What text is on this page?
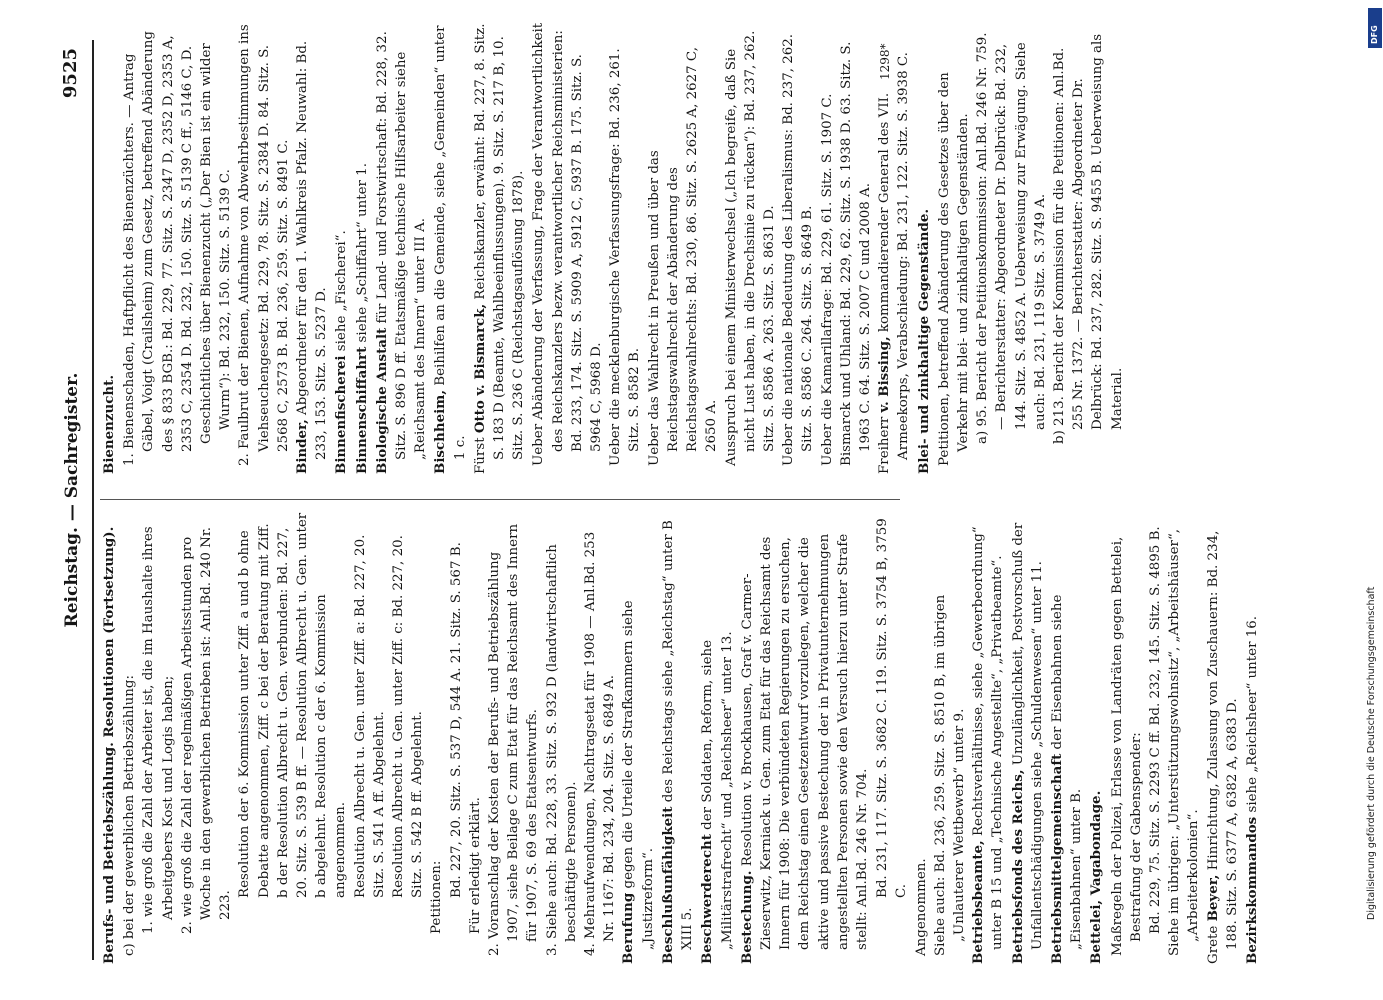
Reichstag. — Sachregister.
9525

Berufs- und Betriebszählung. Resolutionen (Fortsetzung). c) bei der gewerblichen Betriebszählung: 1. wie groß die Zahl der Arbeiter ist, die im Haushalte ihres Arbeitgebers Kost und Logis haben; 2. wie groß die Zahl der regelmäßigen Arbeitsstunden pro Woche in den gewerblichen Betrieben ist: Anl.Bd. 240 Nr. 223.

Resolution der 6. Kommission unter Ziff. a und b ohne Debatte angenommen, Ziff. c bei der Beratung mit Ziff. b der Resolution Albrecht u. Gen. verbunden: Bd. 227, 20. Sitz. S. 539 B ff. — Resolution Albrecht u. Gen. unter b abgelehnt. Resolution c der 6. Kommission angenommen. Resolution Albrecht u. Gen. unter Ziff. a: Bd. 227, 20. Sitz. S. 541 A ff. Abgelehnt. Resolution Albrecht u. Gen. unter Ziff. c: Bd. 227, 20. Sitz. S. 542 B ff. Abgelehnt. Petitionen: Bd. 227, 20. Sitz. S. 537 D, 544 A. 21. Sitz. S. 567 B. Für erledigt erklärt. 2. Voranschlag der Kosten der Berufs- und Betriebszählung 1907, siehe Beilage C zum Etat für das Reichsamt des Innern für 1907, S. 69 des Etatsentwurfs. 3. Siehe auch: Bd. 228, 33. Sitz. S. 932 D (landwirtschaftlich beschäftigte Personen). 4. Mehraufwendungen, Nachtragsetat für 1908 — Anl.Bd. 253 Nr. 1167: Bd. 234, 204. Sitz. S. 6849 A. Berufung gegen die Urteile der Strafkammern siehe „Justizreform“. Beschlußunfähigkeit des Reichstags siehe „Reichstag“ unter B XIII 5. Beschwerderecht der Soldaten, Reform, siehe „Militärstrafrecht“ und „Reichsheer“ unter 13. Bestechung. Resolution v. Brockhausen, Graf v. Carmer-Zieserwitz, Kerniack u. Gen. zum Etat für das Reichsamt des Innern für 1908: Die verbündeten Regierungen zu ersuchen, dem Reichstag einen Gesetzentwurf vorzulegen, welcher die aktive und passive Bestechung der in Privatunternehmungen angestellten Personen sowie den Versuch hierzu unter Strafe stellt: Anl.Bd. 246 Nr. 704. Bd. 231, 117. Sitz. S. 3682 C. 119. Sitz. S. 3754 B, 3759 C. Angenommen. Siehe auch: Bd. 236, 259. Sitz. S. 8510 B, im übrigen „Unlauterer Wettbewerb“ unter 9. Betriebsbeamte, Rechtsverhältnisse, siehe „Gewerbeordnung“ unter B 15 und „Technische Angestellte“, „Privatbeamte“. Betriebsfonds des Reichs, Unzulänglichkeit, Postvorschuß der Unfallentschädigungen siehe „Schuldenwesen“ unter 11. Betriebsmittelgemeinschaft der Eisenbahnen siehe „Eisenbahnen“ unter B. Bettelei, Vagabondage. Maßregeln der Polizei, Erlasse von Landräten gegen Bettelei, Bestrafung der Gabenspender: Bd. 229, 75. Sitz. S. 2293 C ff. Bd. 232, 145. Sitz. S. 4895 B. Siehe im übrigen: „Unterstützungswohnsitz“, „Arbeitshäuser“, „Arbeiterkolonien“.

Grete Beyer, Hinrichtung, Zulassung von Zuschauern: Bd. 234, 188. Sitz. S. 6377 A, 6382 A, 6383 D. Bezirkskommandos siehe „Reichsheer“ unter 16.

Bienenzucht. 1. Bienenschaden, Haftpflicht des Bienenzüchters. — Antrag Gäbel, Voigt (Crailsheim) zum Gesetz, betreffend Abänderung des § 833 BGB.: Bd. 229, 77. Sitz. S. 2347 D, 2352 D, 2353 A, 2353 C, 2354 D. Bd. 232, 150. Sitz. S. 5139 C ff., 5146 C, D. Geschichtliches über Bienenzucht („Der Bien ist ein wilder Wurm“): Bd. 232, 150. Sitz. S. 5139 C. 2. Faulbrut der Bienen, Aufnahme von Abwehrbestimmungen ins Viehseuchengesetz: Bd. 229, 78. Sitz. S. 2384 D. 84. Sitz. S. 2568 C, 2573 B. Bd. 236, 259. Sitz. S. 8491 C. Binder, Abgeordneter für den 1. Wahlkreis Pfalz. Neuwahl: Bd. 233, 153. Sitz. S. 5237 D. Binnenfischerei siehe „Fischerei“.

Binnenschiffahrt siehe „Schiffahrt“ unter 1.

Biologische Anstalt für Land- und Forstwirtschaft: Bd. 228, 32. Sitz. S. 896 D ff. Etatsmäßige technische Hilfsarbeiter siehe „Reichsamt des Innern“ unter III A. Bischheim, Beihilfen an die Gemeinde, siehe „Gemeinden“ unter 1 c. Fürst Otto v. Bismarck, Reichskanzler, erwähnt: Bd. 227, 8. Sitz. S. 183 D (Beamte, Wahlbeeinflussungen). 9. Sitz. S. 217 B, 10. Sitz. S. 236 C (Reichstagsauflösung 1878). Ueber Abänderung der Verfassung, Frage der Verantwortlichkeit des Reichskanzlers bezw. verantwortlicher Reichsministerien: Bd. 233, 174. Sitz. S. 5909 A, 5912 C, 5937 B. 175. Sitz. S. 5964 C, 5968 D. Ueber die mecklenburgische Verfassungsfrage: Bd. 236, 261. Sitz. S. 8582 B. Ueber das Wahlrecht in Preußen und über das Reichstagswahlrecht der Abänderung des Reichstagswahlrechts: Bd. 230, 86. Sitz. S. 2625 A, 2627 C, 2650 A. Ausspruch bei einem Ministerwechsel („Ich begreife, daß Sie nicht Lust haben, in die Drechsinie zu rücken“): Bd. 237, 262. Sitz. S. 8586 A. 263. Sitz. S. 8631 D. Ueber die nationale Bedeutung des Liberalismus: Bd. 237, 262. Sitz. S. 8586 C. 264. Sitz. S. 8649 B. Ueber die Kamarillafrage: Bd. 229, 61. Sitz. S. 1907 C. Bismarck und Uhland: Bd. 229, 62. Sitz. S. 1938 D. 63. Sitz. S. 1963 C. 64. Sitz. S. 2007 C und 2008 A. Freiherr v. Bissing, kommandierender General des VII. Armeekorps, Verabschiedung: Bd. 231, 122. Sitz. S. 3938 C. Blei- und zinkhaltige Gegenstände. Petitionen, betreffend Abänderung des Gesetzes über den Verkehr mit blei- und zinkhaltigen Gegenständen. a) 95. Bericht der Petitionskommission: Anl.Bd. 246 Nr. 759. — Berichterstatter: Abgeordneter Dr. Delbrück: Bd. 232, 144. Sitz. S. 4852 A. Ueberweisung zur Erwägung. Siehe auch: Bd. 231, 119 Sitz. S. 3749 A. b) 213. Bericht der Kommission für die Petitionen: Anl.Bd. 255 Nr. 1372. — Berichterstatter: Abgeordneter Dr. Delbrück: Bd. 237, 282. Sitz. S. 9455 B. Ueberweisung als Material.

1298*
DFG
Digitalisierung gefördert durch die Deutsche Forschungsgemeinschaft
